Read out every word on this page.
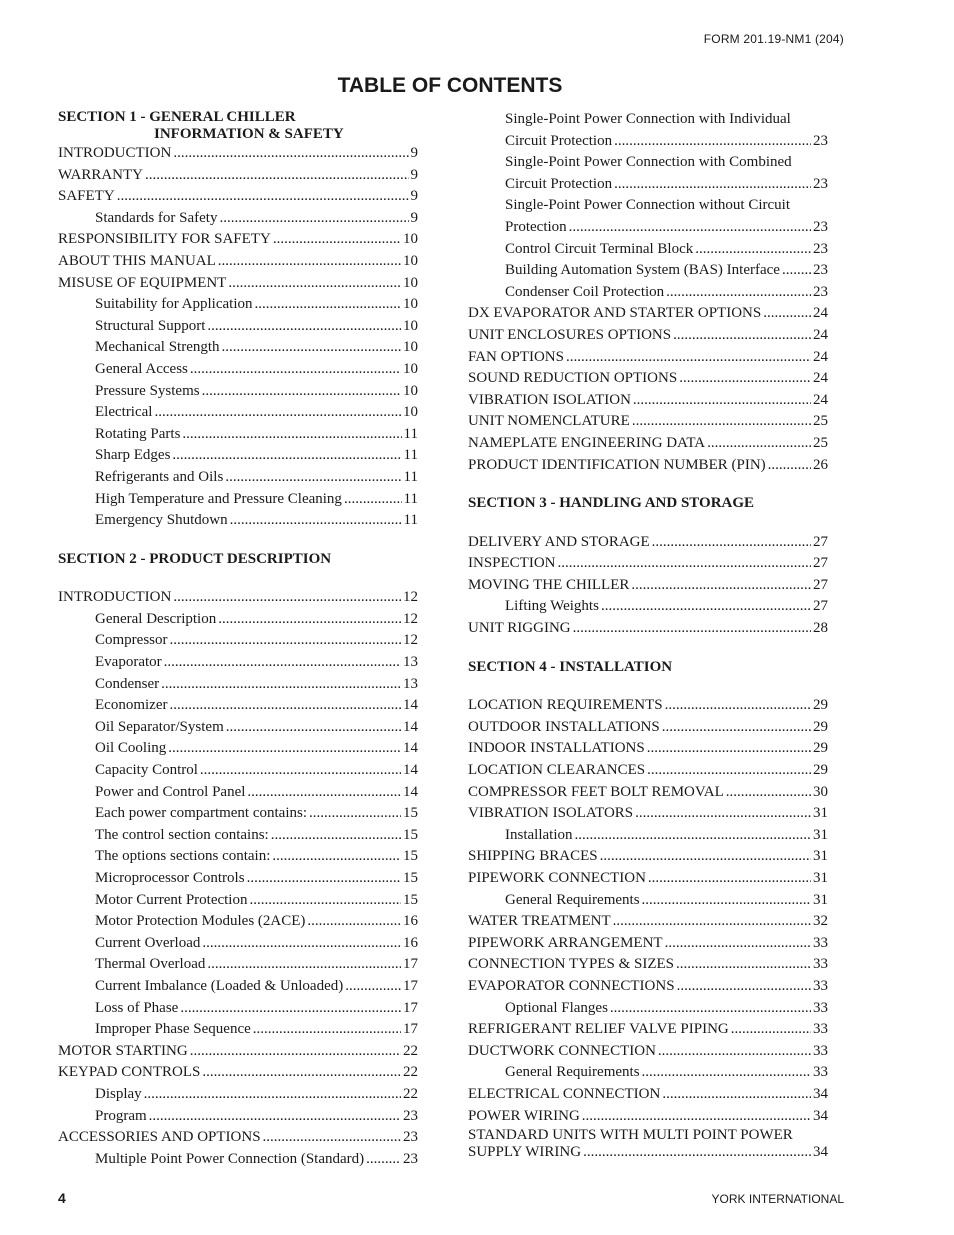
FORM 201.19-NM1 (204)
TABLE OF CONTENTS
SECTION 1 - GENERAL CHILLER
INFORMATION & SAFETY
INTRODUCTION .....	9
WARRANTY .....	9
SAFETY .....	9
Standards for Safety .....	9
RESPONSIBILITY FOR SAFETY .....	10
ABOUT THIS MANUAL .....	10
MISUSE OF EQUIPMENT .....	10
Suitability for Application .....	10
Structural Support .....	10
Mechanical Strength .....	10
General Access .....	10
Pressure Systems .....	10
Electrical .....	10
Rotating Parts .....	11
Sharp Edges .....	11
Refrigerants and Oils .....	11
High Temperature and Pressure Cleaning .....	11
Emergency Shutdown .....	11
SECTION 2 - PRODUCT DESCRIPTION
INTRODUCTION .....	12
General Description .....	12
Compressor .....	12
Evaporator .....	13
Condenser .....	13
Economizer .....	14
Oil Separator/System .....	14
Oil Cooling .....	14
Capacity Control .....	14
Power and Control Panel .....	14
Each power compartment contains: .....	15
The control section contains: .....	15
The options sections contain: .....	15
Microprocessor Controls .....	15
Motor Current Protection .....	15
Motor Protection Modules (2ACE) .....	16
Current Overload .....	16
Thermal Overload .....	17
Current Imbalance (Loaded & Unloaded) .....	17
Loss of Phase .....	17
Improper Phase Sequence .....	17
MOTOR STARTING .....	22
KEYPAD CONTROLS .....	22
Display .....	22
Program .....	23
ACCESSORIES AND OPTIONS .....	23
Multiple Point Power Connection (Standard) .....	23
Single-Point Power Connection with Individual
Circuit Protection .....	23
Single-Point Power Connection with Combined
Circuit Protection .....	23
Single-Point Power Connection without Circuit
Protection .....	23
Control Circuit Terminal Block .....	23
Building Automation System (BAS) Interface ..... 23
Condenser Coil Protection .....	23
DX EVAPORATOR AND STARTER OPTIONS .....	24
UNIT ENCLOSURES OPTIONS .....	24
FAN OPTIONS .....	24
SOUND REDUCTION OPTIONS .....	24
VIBRATION ISOLATION .....	24
UNIT NOMENCLATURE .....	25
NAMEPLATE ENGINEERING DATA .....	25
PRODUCT IDENTIFICATION NUMBER (PIN) .....	26
SECTION 3 - HANDLING AND STORAGE
DELIVERY AND STORAGE .....	27
INSPECTION .....	27
MOVING THE CHILLER .....	27
Lifting Weights .....	27
UNIT RIGGING .....	28
SECTION 4 - INSTALLATION
LOCATION REQUIREMENTS .....	29
OUTDOOR INSTALLATIONS .....	29
INDOOR INSTALLATIONS .....	29
LOCATION CLEARANCES .....	29
COMPRESSOR FEET BOLT REMOVAL .....	30
VIBRATION ISOLATORS .....	31
Installation .....	31
SHIPPING BRACES .....	31
PIPEWORK CONNECTION .....	31
General Requirements .....	31
WATER TREATMENT .....	32
PIPEWORK ARRANGEMENT .....	33
CONNECTION TYPES & SIZES .....	33
EVAPORATOR CONNECTIONS .....	33
Optional Flanges .....	33
REFRIGERANT RELIEF VALVE PIPING .....	33
DUCTWORK CONNECTION .....	33
General Requirements .....	33
ELECTRICAL CONNECTION .....	34
POWER WIRING .....	34
STANDARD UNITS WITH MULTI POINT POWER
SUPPLY WIRING .....	34
4	YORK INTERNATIONAL
